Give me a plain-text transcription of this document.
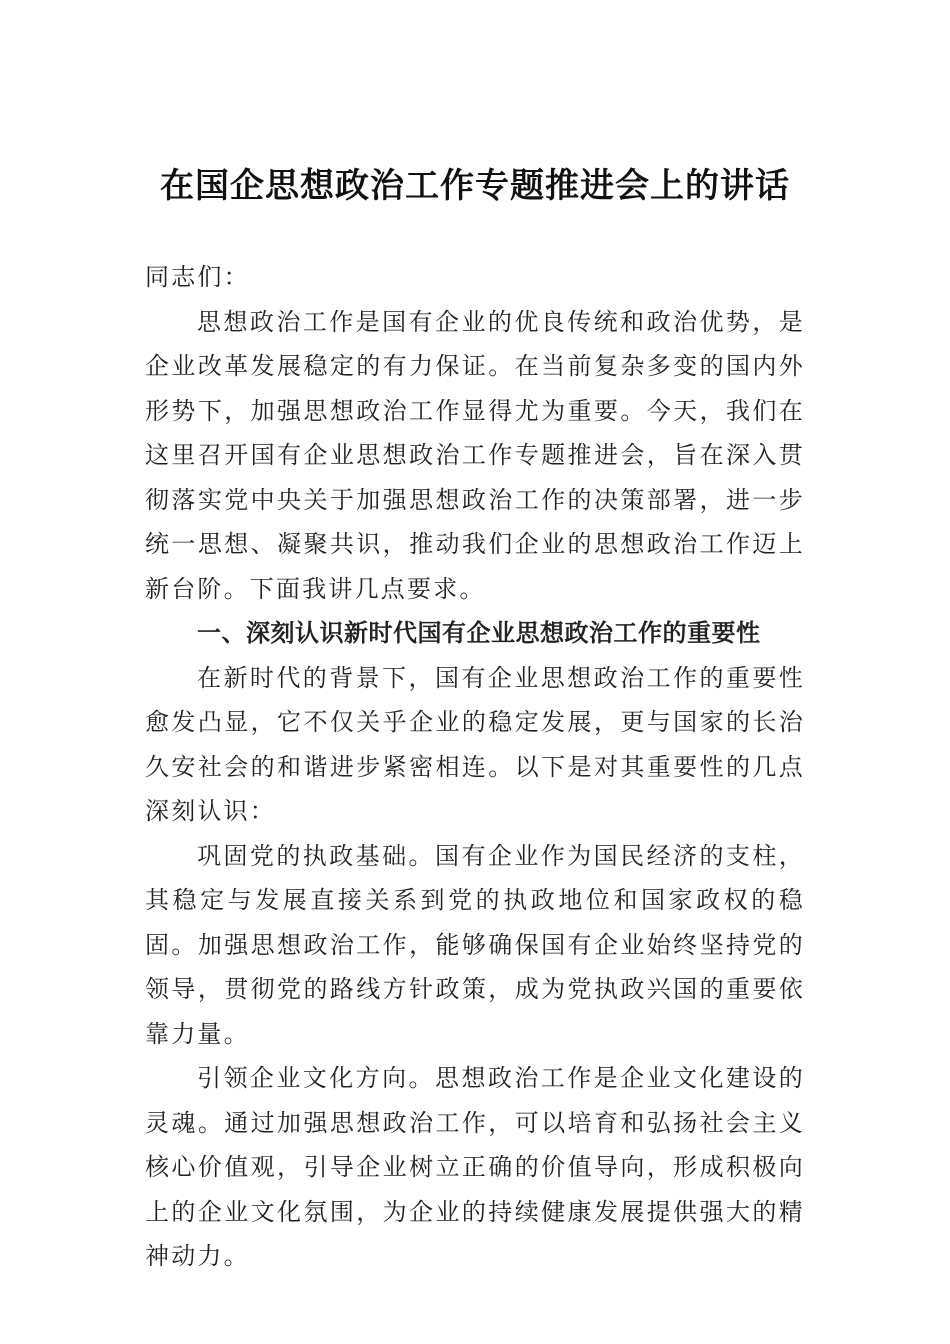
在国企思想政治工作专题推进会上的讲话

同志们：

思想政治工作是国有企业的优良传统和政治优势，是企业改革发展稳定的有力保证。在当前复杂多变的国内外形势下，加强思想政治工作显得尤为重要。今天，我们在这里召开国有企业思想政治工作专题推进会，旨在深入贯彻落实党中央关于加强思想政治工作的决策部署，进一步统一思想、凝聚共识，推动我们企业的思想政治工作迈上新台阶。下面我讲几点要求。

一、深刻认识新时代国有企业思想政治工作的重要性

在新时代的背景下，国有企业思想政治工作的重要性愈发凸显，它不仅关乎企业的稳定发展，更与国家的长治久安社会的和谐进步紧密相连。以下是对其重要性的几点深刻认识：

巩固党的执政基础。国有企业作为国民经济的支柱，其稳定与发展直接关系到党的执政地位和国家政权的稳固。加强思想政治工作，能够确保国有企业始终坚持党的领导，贯彻党的路线方针政策，成为党执政兴国的重要依靠力量。

引领企业文化方向。思想政治工作是企业文化建设的灵魂。通过加强思想政治工作，可以培育和弘扬社会主义核心价值观，引导企业树立正确的价值导向，形成积极向上的企业文化氛围，为企业的持续健康发展提供强大的精神动力。
